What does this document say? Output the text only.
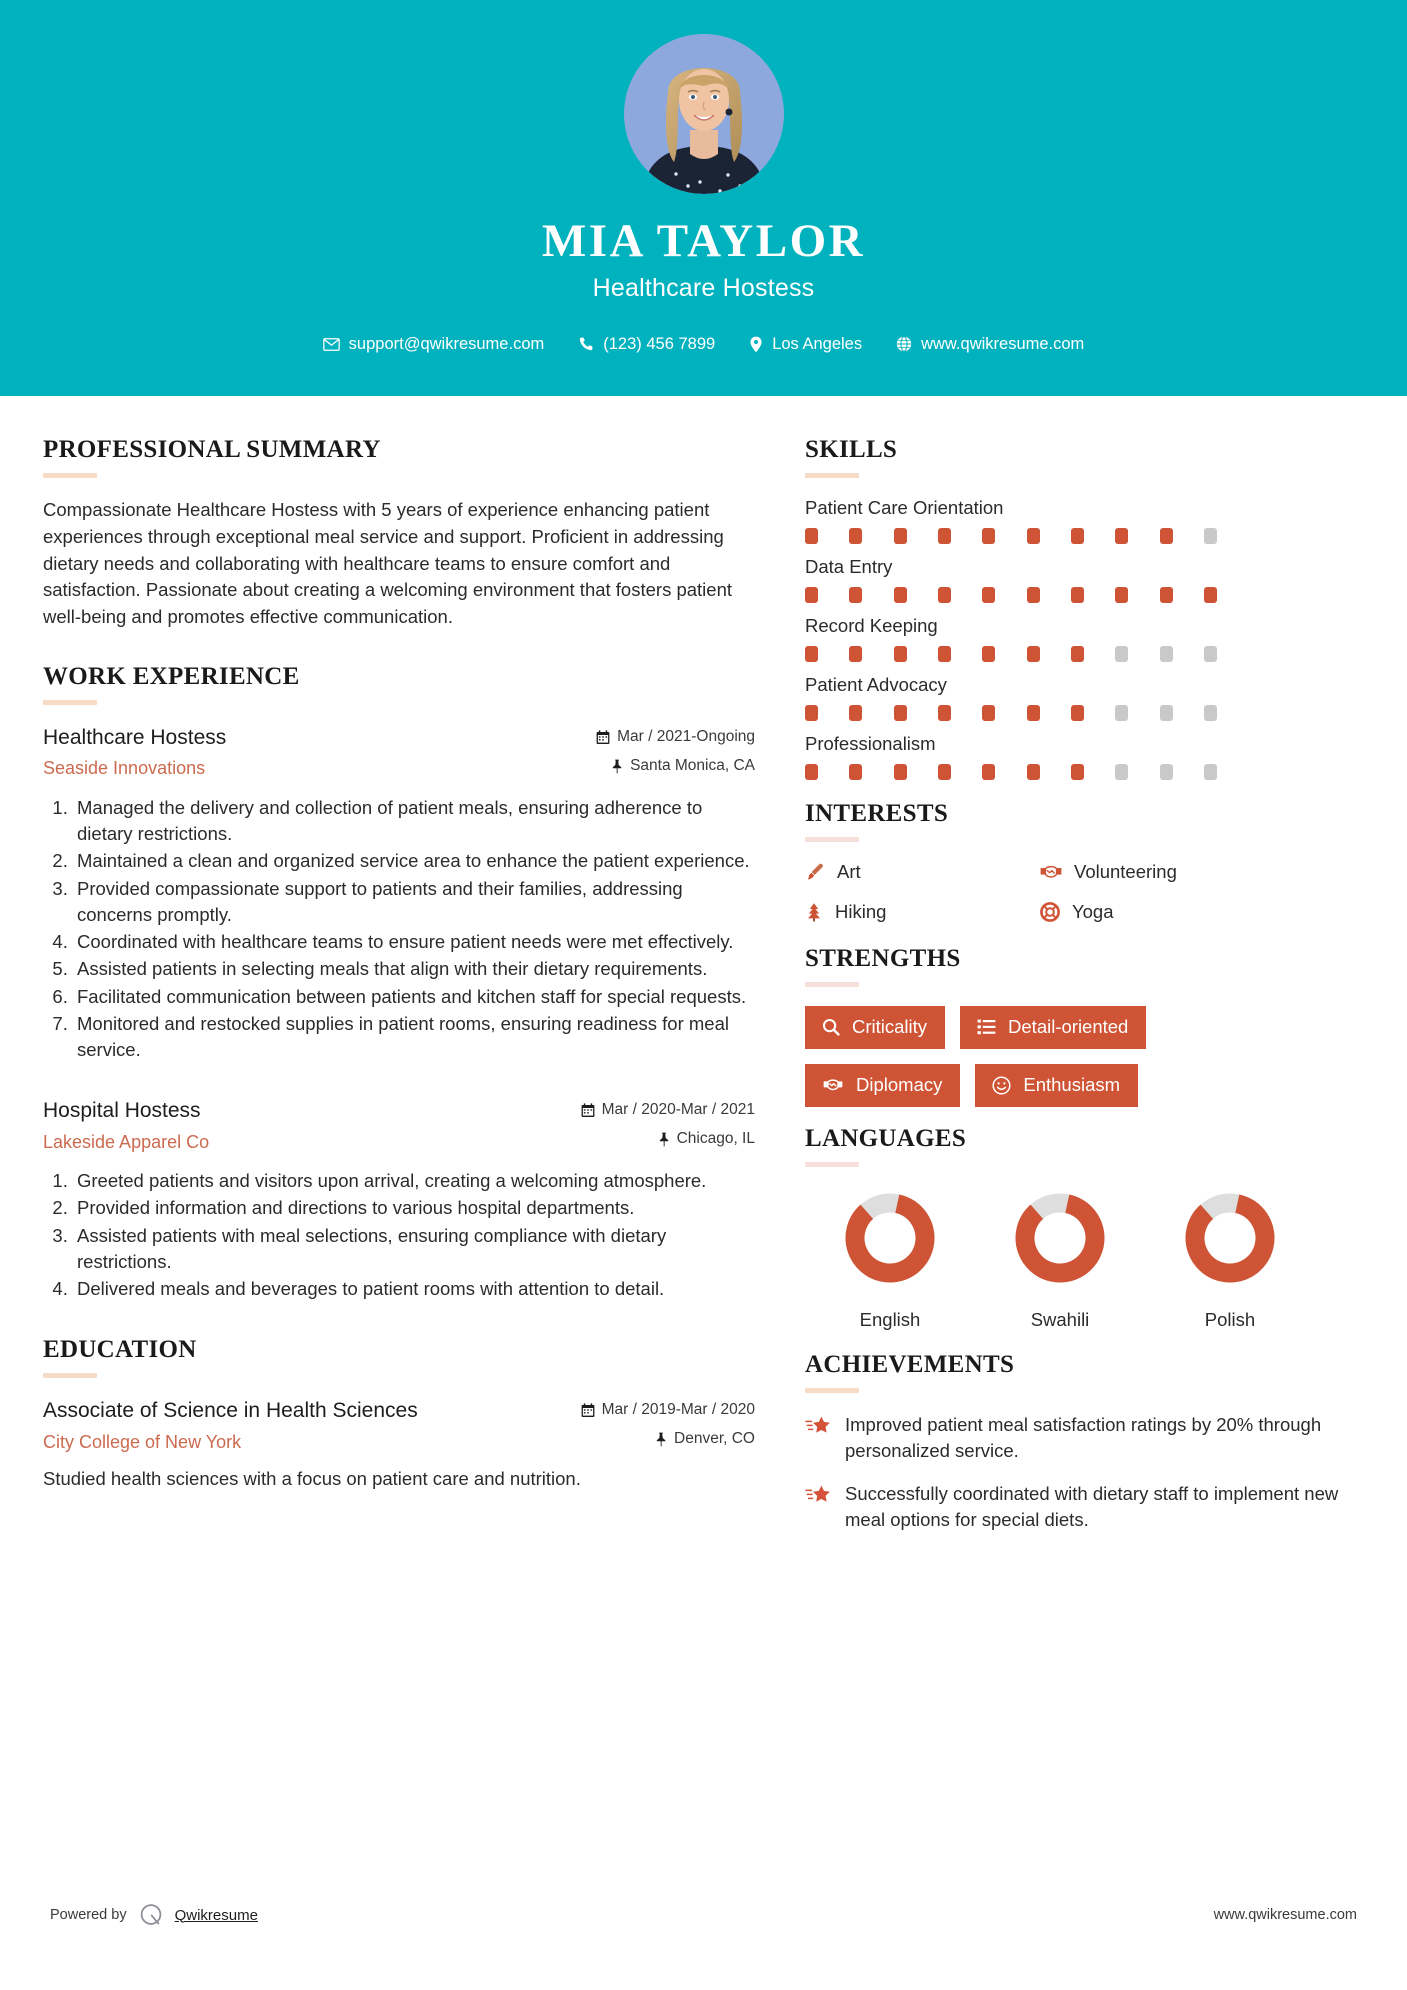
MIA TAYLOR
Healthcare Hostess
support@qwikresume.com	(123) 456 7899	Los Angeles	www.qwikresume.com
PROFESSIONAL SUMMARY
Compassionate Healthcare Hostess with 5 years of experience enhancing patient experiences through exceptional meal service and support. Proficient in addressing dietary needs and collaborating with healthcare teams to ensure comfort and satisfaction. Passionate about creating a welcoming environment that fosters patient well-being and promotes effective communication.
WORK EXPERIENCE
Healthcare Hostess
Seaside Innovations
Mar / 2021-Ongoing
Santa Monica, CA
1. Managed the delivery and collection of patient meals, ensuring adherence to dietary restrictions.
2. Maintained a clean and organized service area to enhance the patient experience.
3. Provided compassionate support to patients and their families, addressing concerns promptly.
4. Coordinated with healthcare teams to ensure patient needs were met effectively.
5. Assisted patients in selecting meals that align with their dietary requirements.
6. Facilitated communication between patients and kitchen staff for special requests.
7. Monitored and restocked supplies in patient rooms, ensuring readiness for meal service.
Hospital Hostess
Lakeside Apparel Co
Mar / 2020-Mar / 2021
Chicago, IL
1. Greeted patients and visitors upon arrival, creating a welcoming atmosphere.
2. Provided information and directions to various hospital departments.
3. Assisted patients with meal selections, ensuring compliance with dietary restrictions.
4. Delivered meals and beverages to patient rooms with attention to detail.
EDUCATION
Associate of Science in Health Sciences
City College of New York
Mar / 2019-Mar / 2020
Denver, CO
Studied health sciences with a focus on patient care and nutrition.
SKILLS
Patient Care Orientation
Data Entry
Record Keeping
Patient Advocacy
Professionalism
INTERESTS
Art	Volunteering
Hiking	Yoga
STRENGTHS
Criticality	Detail-oriented
Diplomacy	Enthusiasm
LANGUAGES
English	Swahili	Polish
ACHIEVEMENTS
Improved patient meal satisfaction ratings by 20% through personalized service.
Successfully coordinated with dietary staff to implement new meal options for special diets.
Powered by	Qwikresume	www.qwikresume.com
